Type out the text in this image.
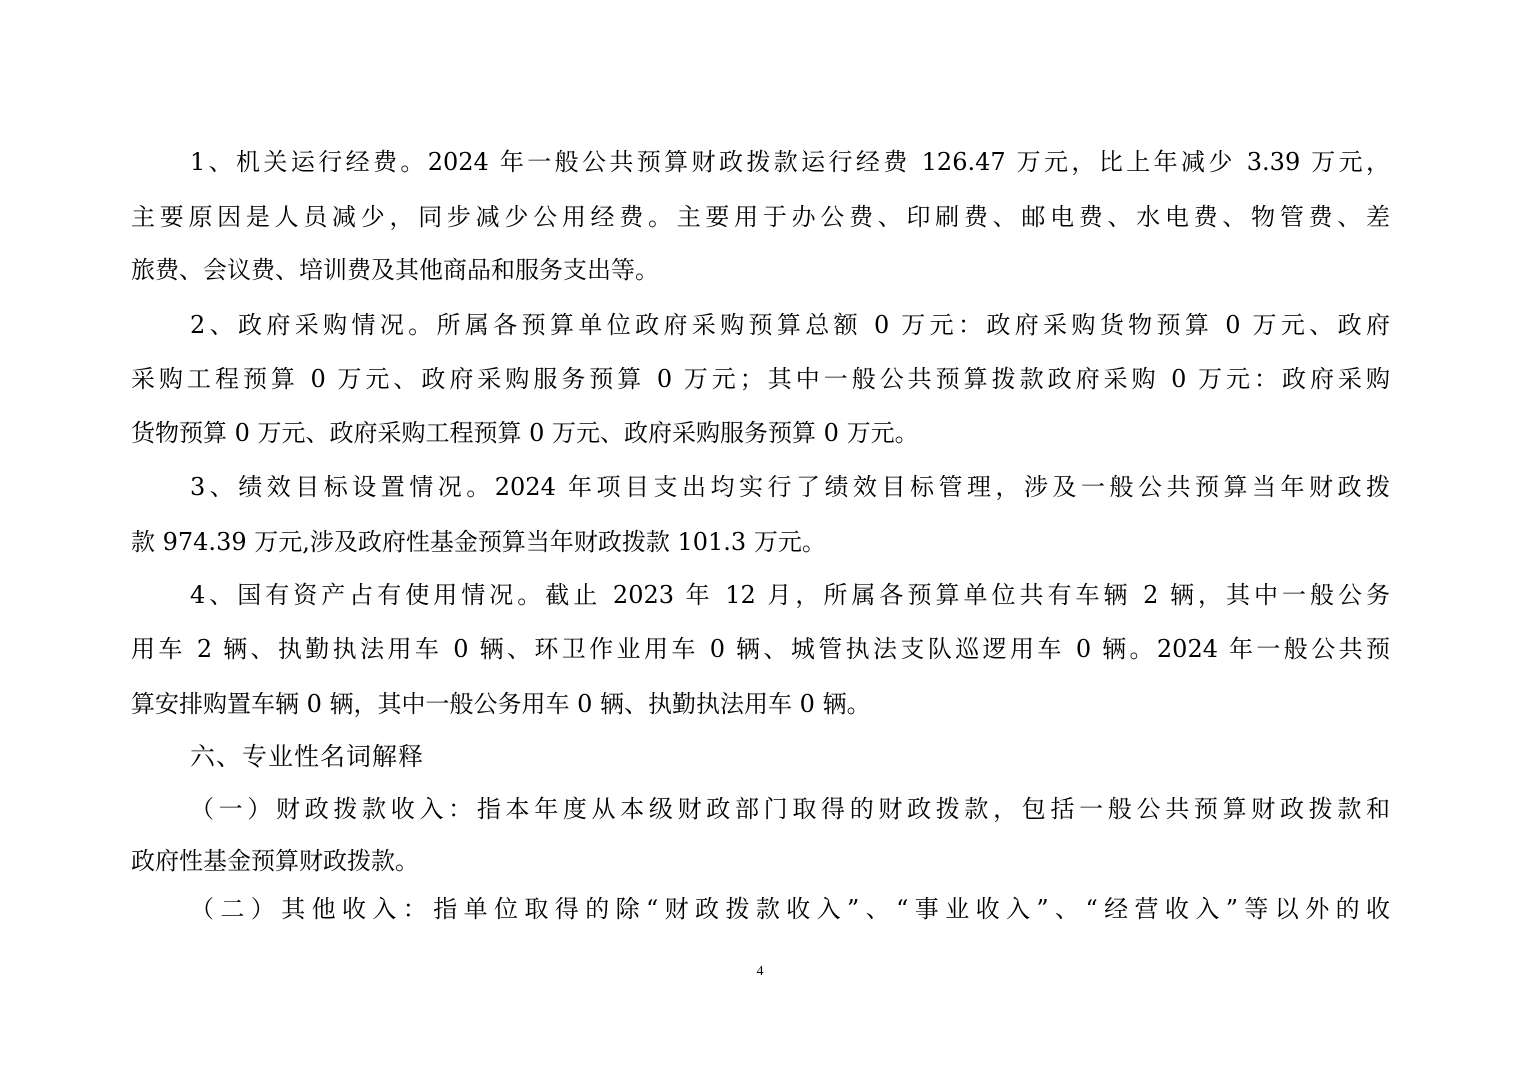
1、机关运行经费。2024 年一般公共预算财政拨款运行经费 126.47 万元，比上年减少 3.39 万元，
主要原因是人员减少，同步减少公用经费。主要用于办公费、印刷费、邮电费、水电费、物管费、差
旅费、会议费、培训费及其他商品和服务支出等。
2、政府采购情况。所属各预算单位政府采购预算总额 0 万元：政府采购货物预算 0 万元、政府
采购工程预算 0 万元、政府采购服务预算 0 万元；其中一般公共预算拨款政府采购 0 万元：政府采购
货物预算 0 万元、政府采购工程预算 0 万元、政府采购服务预算 0 万元。
3、绩效目标设置情况。2024 年项目支出均实行了绩效目标管理，涉及一般公共预算当年财政拨
款 974.39 万元,涉及政府性基金预算当年财政拨款 101.3 万元。
4、国有资产占有使用情况。截止 2023 年 12 月，所属各预算单位共有车辆 2 辆，其中一般公务
用车 2 辆、执勤执法用车 0 辆、环卫作业用车 0 辆、城管执法支队巡逻用车 0 辆。2024 年一般公共预
算安排购置车辆 0 辆，其中一般公务用车 0 辆、执勤执法用车 0 辆。
六、专业性名词解释
（一）财政拨款收入：指本年度从本级财政部门取得的财政拨款，包括一般公共预算财政拨款和
政府性基金预算财政拨款。
（二）其他收入：指单位取得的除“财政拨款收入”、“事业收入”、“经营收入”等以外的收
4
